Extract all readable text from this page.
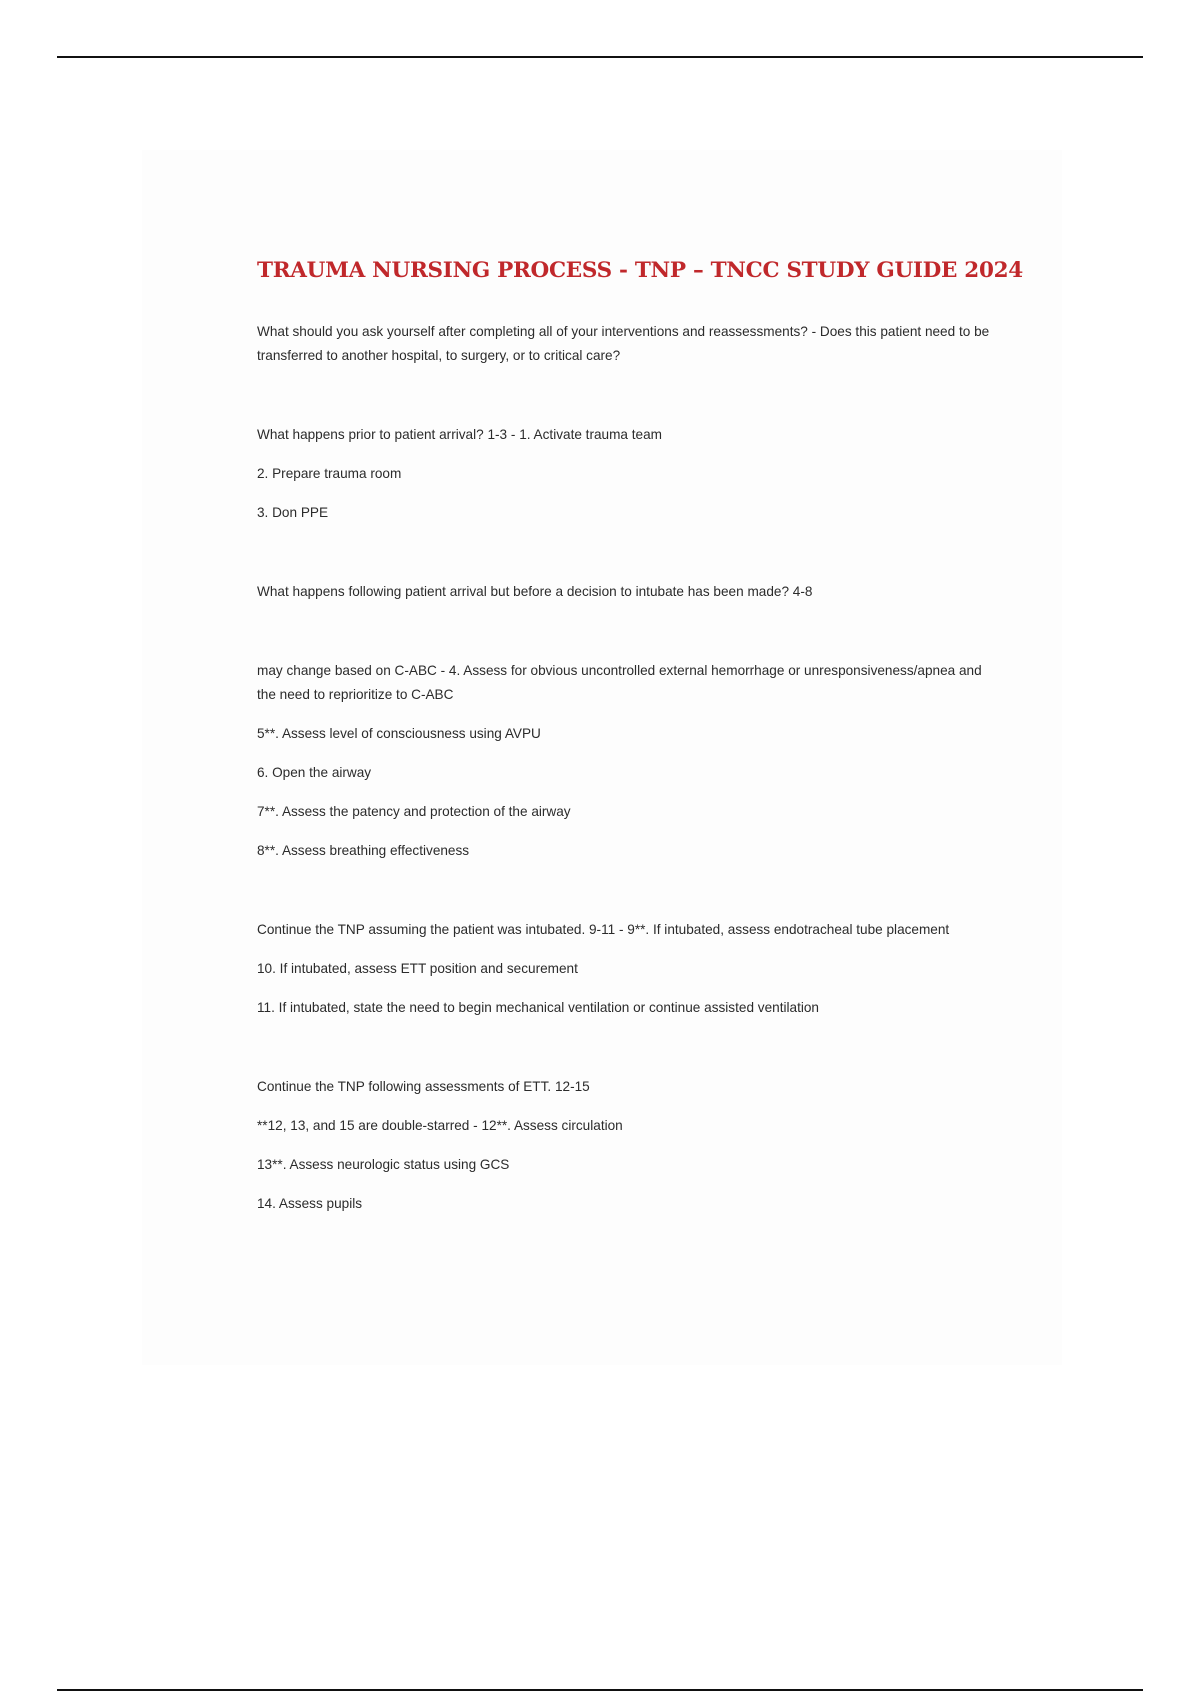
TRAUMA NURSING PROCESS - TNP – TNCC STUDY GUIDE 2024

What should you ask yourself after completing all of your interventions and reassessments? - Does this patient need to be transferred to another hospital, to surgery, or to critical care?

What happens prior to patient arrival? 1-3 - 1. Activate trauma team

2. Prepare trauma room

3. Don PPE

What happens following patient arrival but before a decision to intubate has been made? 4-8

may change based on C-ABC - 4. Assess for obvious uncontrolled external hemorrhage or unresponsiveness/apnea and the need to reprioritize to C-ABC

5**. Assess level of consciousness using AVPU

6. Open the airway

7**. Assess the patency and protection of the airway

8**. Assess breathing effectiveness

Continue the TNP assuming the patient was intubated. 9-11 - 9**. If intubated, assess endotracheal tube placement

10. If intubated, assess ETT position and securement

11. If intubated, state the need to begin mechanical ventilation or continue assisted ventilation

Continue the TNP following assessments of ETT. 12-15

**12, 13, and 15 are double-starred - 12**. Assess circulation

13**. Assess neurologic status using GCS

14. Assess pupils
